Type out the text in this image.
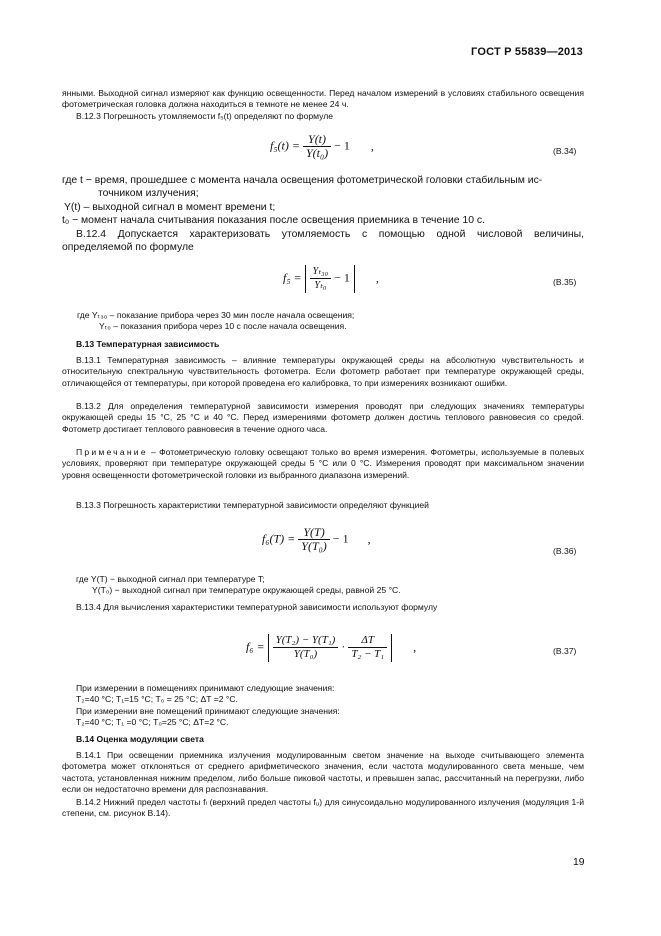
ГОСТ Р 55839—2013

янными. Выходной сигнал измеряют как функцию освещенности. Перед началом измерений в условиях стабильного освещения фотометрическая головка должна находиться в темноте не менее 24 ч.

В.12.3 Погрешность утомляемости f₅(t) определяют по формуле

$f_5(t) = \frac{Y(t)}{\text{Y(t₀)}} - 1$ ,	(В.34)

где t − время, прошедшее с момента начала освещения фотометрической головки стабильным ис-

точником излучения;

Y(t) – выходной сигнал в момент времени t;

t₀ − момент начала считывания показания после освещения приемника в течение 10 с.

В.12.4 Допускается характеризовать утомляемость с помощью одной числовой величины, определяемой по формуле

$f_5 = \frac{\text{Yₜ₃₀}}{\text{Yₜ₀}} - 1$ ,	(В.35)

где Yₜ₃₀ – показание прибора через 30 мин после начала освещения;

Yₜ₀ – показания прибора через 10 с после начала освещения.

В.13 Температурная зависимость

В.13.1 Температурная зависимость – влияние температуры окружающей среды на абсолютную чувствительность и относительную спектральную чувствительность фотометра. Если фотометр работает при температуре окружающей среды, отличающейся от температуры, при которой проведена его калибровка, то при измерениях возникают ошибки.

В.13.2 Для определения температурной зависимости измерения проводят при следующих значениях температуры окружающей среды 15 °С, 25 °С и 40 °С. Перед измерениями фотометр должен достичь теплового равновесия со средой. Фотометр достигает теплового равновесия в течение одного часа.

Примечание – Фотометрическую головку освещают только во время измерения. Фотометры, используемые в полевых условиях, проверяют при температуре окружающей среды 5 °С или 0 °С. Измерения проводят при максимальном значении уровня освещенности фотометрической головки из выбранного диапазона измерений.

В.13.3 Погрешность характеристики температурной зависимости определяют функцией

$f_6(T) = \frac{Y(T)}{\text{Y(T₀)}} - 1$ ,
(В.36)

где Y(T) − выходной сигнал при температуре T;

Y(T₀) − выходной сигнал при температуре окружающей среды, равной 25 °С.

В.13.4 Для вычисления характеристики температурной зависимости используют формулу

$f_6 = \frac{\text{Y(T₂) − Y(T₁)}}{\text{Y(T₀)}} \cdot \frac{\Delta T}{\text{T₂ − T₁}}$ ,	(В.37)

При измерении в помещениях принимают следующие значения:

T₂=40 °С; T₁=15 °С; T₀ = 25 °С; ΔT =2 °С.

При измерении вне помещений принимают следующие значения:

T₂=40 °С; T₁ =0 °С; T₀=25 °С; ΔT=2 °С.

В.14 Оценка модуляции света

В.14.1 При освещении приемника излучения модулированным светом значение на выходе считывающего элемента фотометра может отклоняться от среднего арифметического значения, если частота модулированного света меньше, чем частота, установленная нижним пределом, либо больше пиковой частоты, и превышен запас, рассчитанный на перегрузки, либо если он недостаточно времени для распознавания.

В.14.2 Нижний предел частоты fₗ (верхний предел частоты fᵤ) для синусоидально модулированного излучения (модуляция 1-й степени, см. рисунок В.14).

19
